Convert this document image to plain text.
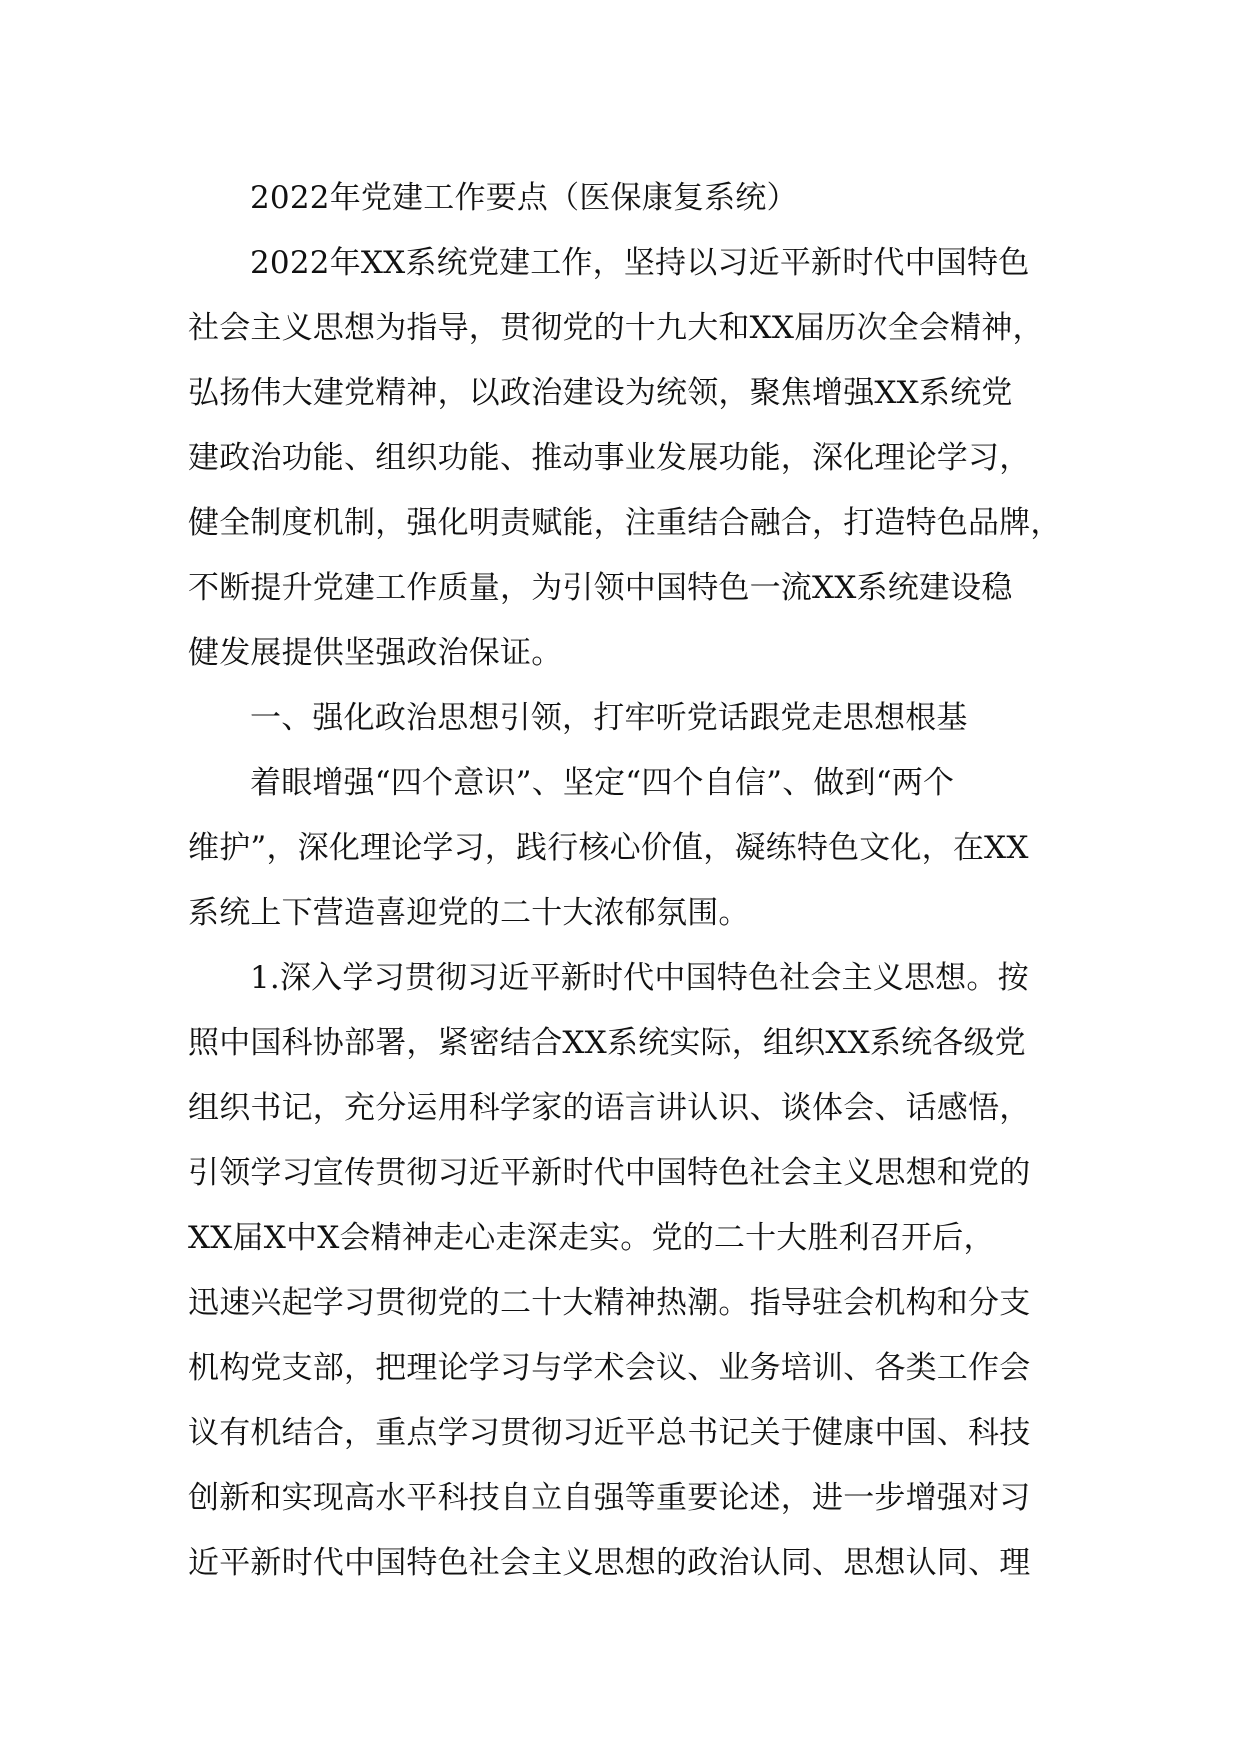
2022年党建工作要点（医保康复系统）
2022年XX系统党建工作，坚持以习近平新时代中国特色
社会主义思想为指导，贯彻党的十九大和XX届历次全会精神，
弘扬伟大建党精神，以政治建设为统领，聚焦增强XX系统党
建政治功能、组织功能、推动事业发展功能，深化理论学习，
健全制度机制，强化明责赋能，注重结合融合，打造特色品牌，
不断提升党建工作质量，为引领中国特色一流XX系统建设稳
健发展提供坚强政治保证。
一、强化政治思想引领，打牢听党话跟党走思想根基
着眼增强“四个意识”、坚定“四个自信”、做到“两个
维护”，深化理论学习，践行核心价值，凝练特色文化，在XX
系统上下营造喜迎党的二十大浓郁氛围。
1.深入学习贯彻习近平新时代中国特色社会主义思想。按
照中国科协部署，紧密结合XX系统实际，组织XX系统各级党
组织书记，充分运用科学家的语言讲认识、谈体会、话感悟，
引领学习宣传贯彻习近平新时代中国特色社会主义思想和党的
XX届X中X会精神走心走深走实。党的二十大胜利召开后，
迅速兴起学习贯彻党的二十大精神热潮。指导驻会机构和分支
机构党支部，把理论学习与学术会议、业务培训、各类工作会
议有机结合，重点学习贯彻习近平总书记关于健康中国、科技
创新和实现高水平科技自立自强等重要论述，进一步增强对习
近平新时代中国特色社会主义思想的政治认同、思想认同、理
